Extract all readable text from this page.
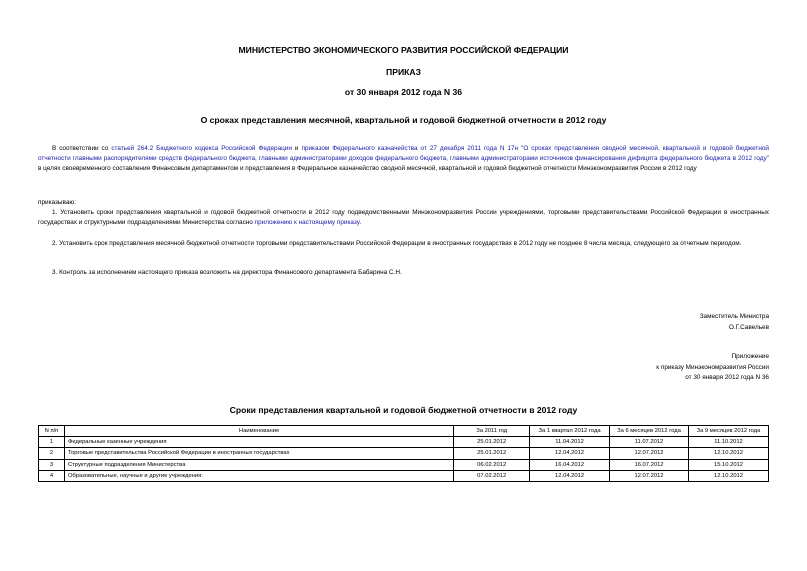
МИНИСТЕРСТВО ЭКОНОМИЧЕСКОГО РАЗВИТИЯ РОССИЙСКОЙ ФЕДЕРАЦИИ
ПРИКАЗ
от 30 января 2012 года N 36
О сроках представления месячной, квартальной и годовой бюджетной отчетности в 2012 году
В соответствии со статьей 264.2 Бюджетного кодекса Российской Федерации и приказом Федерального казначейства от 27 декабря 2011 года N 17н "О сроках представления сводной месячной, квартальной и годовой бюджетной отчетности главными распорядителями средств федерального бюджета, главными администраторами доходов федерального бюджета, главными администраторами источников финансирования дефицита федерального бюджета в 2012 году" в целях своевременного составления Финансовым департаментом и представления в Федеральное казначейство сводной месячной, квартальной и годовой бюджетной отчетности Минэкономразвития России в 2012 году
приказываю:
1. Установить сроки представления квартальной и годовой бюджетной отчетности в 2012 году подведомственными Минэкономразвития России учреждениями, торговыми представительствами Российской Федерации в иностранных государствах и структурными подразделениями Министерства согласно приложению к настоящему приказу.
2. Установить срок представления месячной бюджетной отчетности торговыми представительствами Российской Федерации в иностранных государствах в 2012 году не позднее 8 числа месяца, следующего за отчетным периодом.
3. Контроль за исполнением настоящего приказа возложить на директора Финансового департамента Бабарина С.Н.
Заместитель Министра
О.Г.Савельев
Приложение
к приказу Минэкономразвития России
от 30 января 2012 года N 36
Сроки представления квартальной и годовой бюджетной отчетности в 2012 году
N п/п	Наименование	За 2011 год	За 1 квартал 2012 года	За 6 месяцев 2012 года	За 9 месяцев 2012 года
1	Федеральные казенные учреждения	25.01.2012	11.04.2012	11.07.2012	11.10.2012
2	Торговые представительства Российской Федерации в иностранных государствах	25.01.2012	12.04.2012	12.07.2012	12.10.2012
3	Структурные подразделения Министерства	06.02.2012	16.04.2012	16.07.2012	15.10.2012
4	Образовательные, научные и другие учреждения:	07.02.2012	12.04.2012	12.07.2012	12.10.2012
